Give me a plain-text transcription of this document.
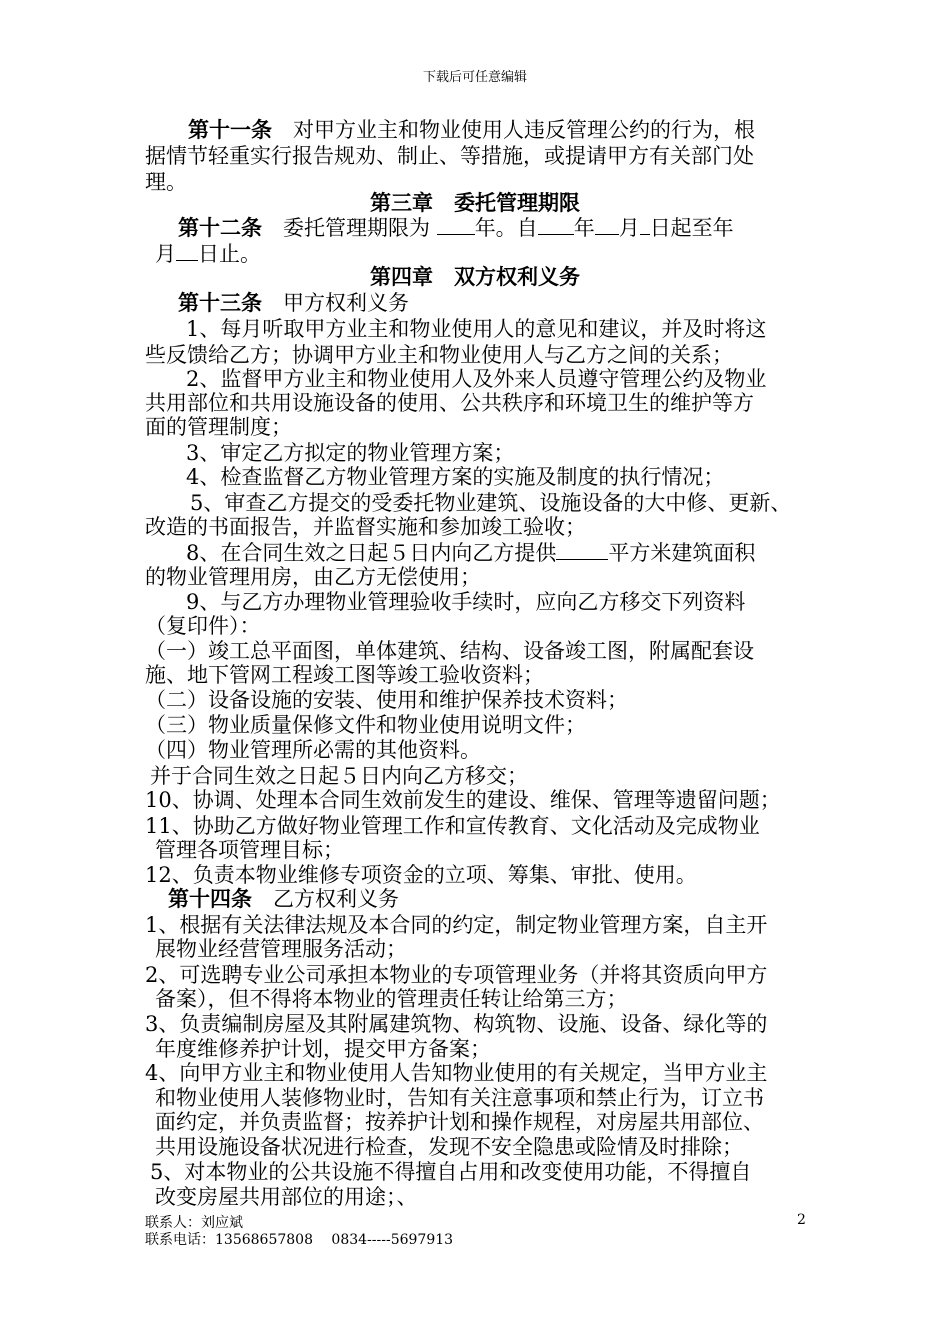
下载后可任意编辑
第十一条　对甲方业主和物业使用人违反管理公约的行为，根
据情节轻重实行报告规劝、制止、等措施，或提请甲方有关部门处
理。
第三章　委托管理期限
第十二条　委托管理期限为 年。自 年 月 日起至年
月 日止。
第四章　双方权利义务
第十三条　甲方权利义务
1、每月听取甲方业主和物业使用人的意见和建议，并及时将这
些反馈给乙方；协调甲方业主和物业使用人与乙方之间的关系；
2、监督甲方业主和物业使用人及外来人员遵守管理公约及物业
共用部位和共用设施设备的使用、公共秩序和环境卫生的维护等方
面的管理制度；
3、审定乙方拟定的物业管理方案；
4、检查监督乙方物业管理方案的实施及制度的执行情况；
5、审查乙方提交的受委托物业建筑、设施设备的大中修、更新、
改造的书面报告，并监督实施和参加竣工验收；
8、在合同生效之日起５日内向乙方提供 平方米建筑面积
的物业管理用房，由乙方无偿使用；
9、与乙方办理物业管理验收手续时，应向乙方移交下列资料
（复印件）：
（一）竣工总平面图，单体建筑、结构、设备竣工图，附属配套设
施、地下管网工程竣工图等竣工验收资料；
（二）设备设施的安装、使用和维护保养技术资料；
（三）物业质量保修文件和物业使用说明文件；
（四）物业管理所必需的其他资料。
并于合同生效之日起５日内向乙方移交；
10、协调、处理本合同生效前发生的建设、维保、管理等遗留问题；
11、协助乙方做好物业管理工作和宣传教育、文化活动及完成物业
管理各项管理目标；
12、负责本物业维修专项资金的立项、筹集、审批、使用。
第十四条　乙方权利义务
1、根据有关法律法规及本合同的约定，制定物业管理方案，自主开
展物业经营管理服务活动；
2、可选聘专业公司承担本物业的专项管理业务（并将其资质向甲方
备案），但不得将本物业的管理责任转让给第三方；
3、负责编制房屋及其附属建筑物、构筑物、设施、设备、绿化等的
年度维修养护计划，提交甲方备案；
4、向甲方业主和物业使用人告知物业使用的有关规定，当甲方业主
和物业使用人装修物业时，告知有关注意事项和禁止行为，订立书
面约定，并负责监督；按养护计划和操作规程，对房屋共用部位、
共用设施设备状况进行检查，发现不安全隐患或险情及时排除；
5、对本物业的公共设施不得擅自占用和改变使用功能，不得擅自
改变房屋共用部位的用途；、
联系人：刘应斌	2
联系电话：13568657808　 0834-----5697913
